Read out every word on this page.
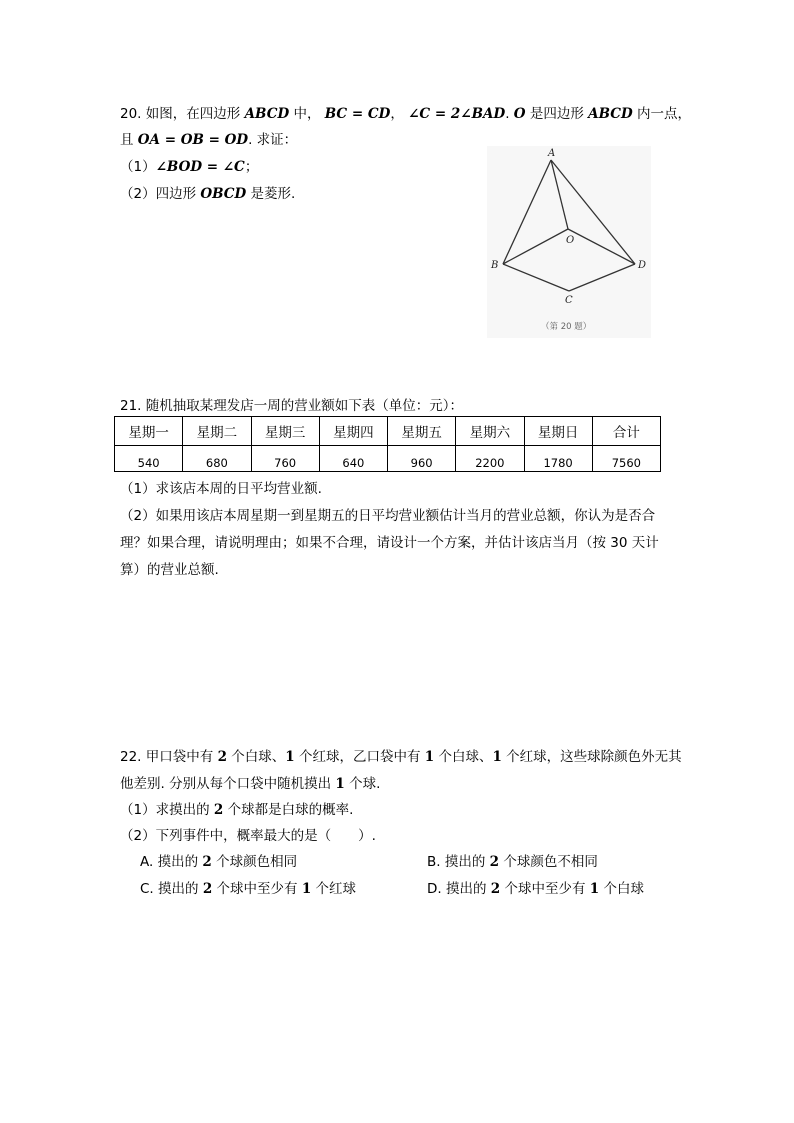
20. 如图，在四边形 ABCD 中， BC = CD， ∠C = 2∠BAD. O 是四边形 ABCD 内一点，
且 OA = OB = OD. 求证：
（1）∠BOD = ∠C；
（2）四边形 OBCD 是菱形.
A
B
C
D
O
（第 20 题）
21. 随机抽取某理发店一周的营业额如下表（单位：元）：
星期一	星期二	星期三	星期四	星期五	星期六	星期日	合计
540	680	760	640	960	2200	1780	7560
（1）求该店本周的日平均营业额.
（2）如果用该店本周星期一到星期五的日平均营业额估计当月的营业总额，你认为是否合
理？如果合理，请说明理由；如果不合理，请设计一个方案，并估计该店当月（按 30 天计
算）的营业总额.
22. 甲口袋中有 2 个白球、1 个红球，乙口袋中有 1 个白球、1 个红球，这些球除颜色外无其
他差别. 分别从每个口袋中随机摸出 1 个球.
（1）求摸出的 2 个球都是白球的概率.
（2）下列事件中，概率最大的是（　　）.
A. 摸出的 2 个球颜色相同	B. 摸出的 2 个球颜色不相同
C. 摸出的 2 个球中至少有 1 个红球	D. 摸出的 2 个球中至少有 1 个白球
